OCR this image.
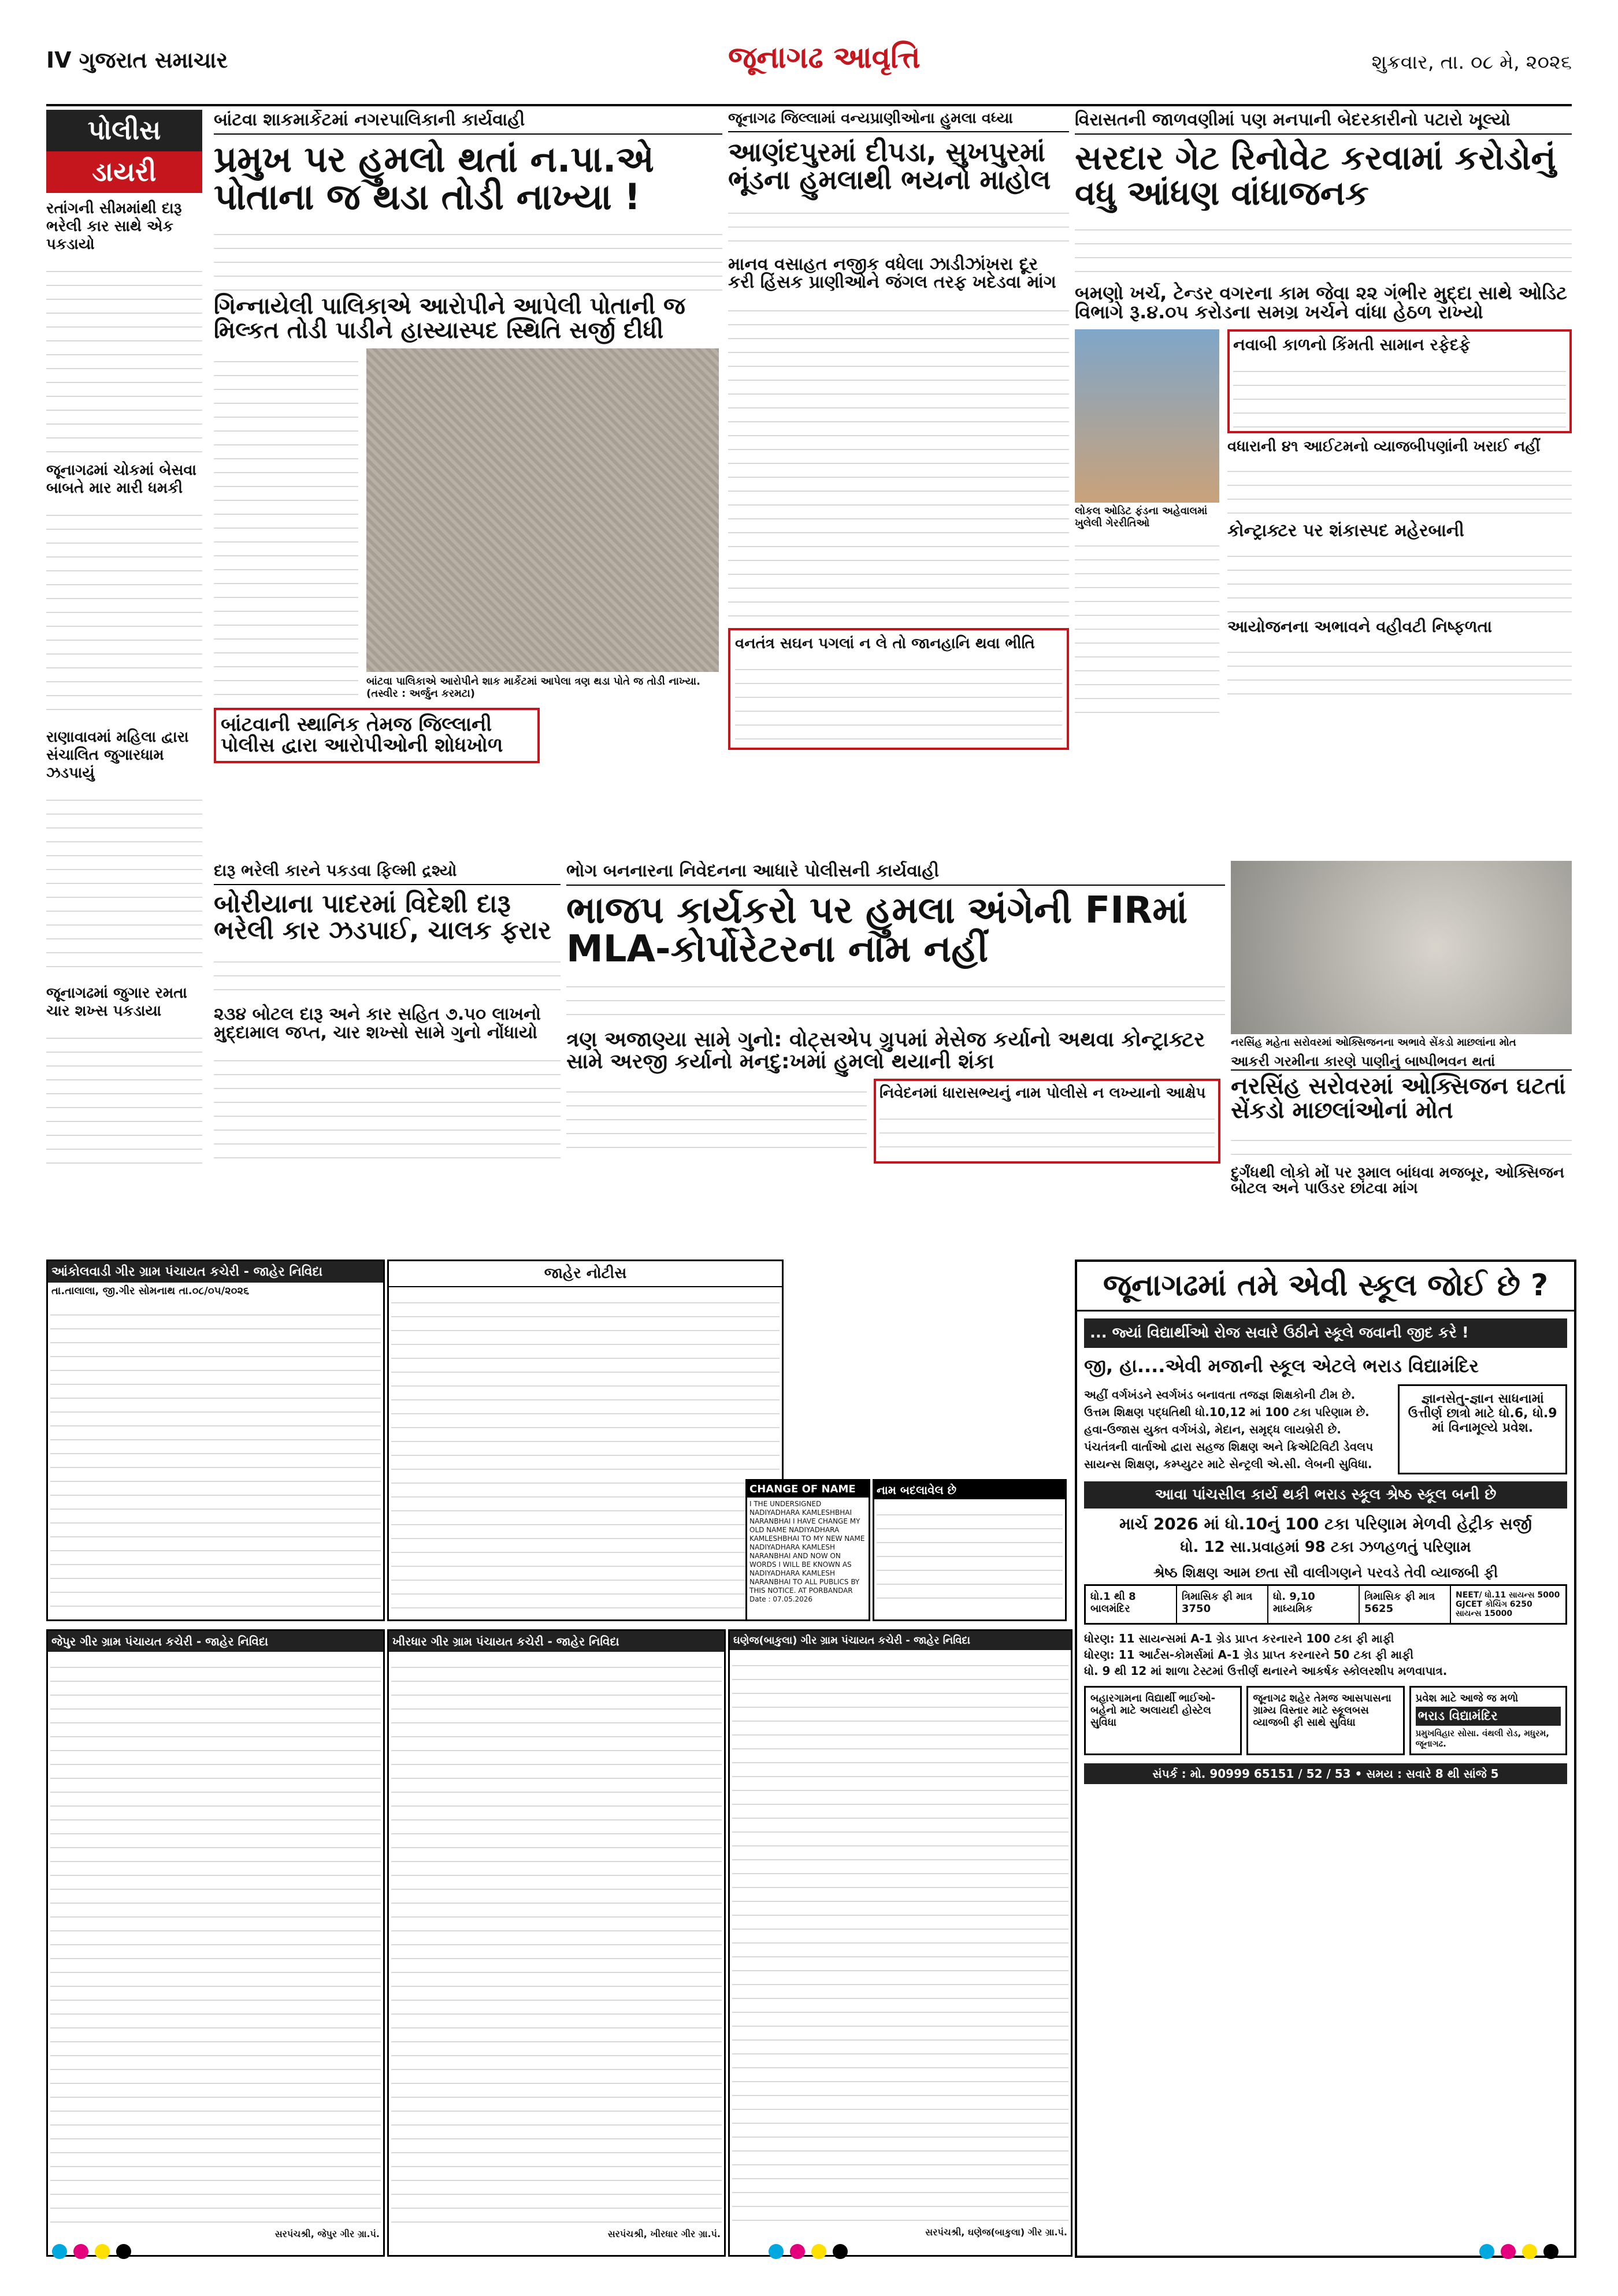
IV ગુજરાત સમાચાર	જૂનાગઢ આવૃત્તિ	શુક્રવાર, તા. ૦૮ મે, ૨૦૨૬
પોલીસ
ડાયરી
રતાંગની સીમમાંથી દારૂ ભરેલી કાર સાથે એક પકડાયો
જૂનાગઢમાં ચોકમાં બેસવા બાબતે માર મારી ધમકી
રાણાવાવમાં મહિલા દ્વારા સંચાલિત જુગારધામ ઝડપાયું
જૂનાગઢમાં જુગાર રમતા ચાર શખ્સ પકડાયા
બાંટવા શાકમાર્કેટમાં નગરપાલિકાની કાર્યવાહી
પ્રમુખ પર હુમલો થતાં ન.પા.એ પોતાના જ થડા તોડી નાખ્યા !
ગિન્નાયેલી પાલિકાએ આરોપીને આપેલી પોતાની જ મિલ્કત તોડી પાડીને હાસ્યાસ્પદ સ્થિતિ સર્જી દીધી
બાંટવા પાલિકાએ આરોપીને શાક માર્કેટમાં આપેલા ત્રણ થડા પોતે જ તોડી નાખ્યા. (તસ્વીર : અર્જુન કરમટા)
બાંટવાની સ્થાનિક તેમજ જિલ્લાની પોલીસ દ્વારા આરોપીઓની શોધખોળ
જૂનાગઢ જિલ્લામાં વન્યપ્રાણીઓના હુમલા વધ્યા
આણંદપુરમાં દીપડા, સુખપુરમાં ભૂંડના હુમલાથી ભયનો માહોલ
માનવ વસાહત નજીક વધેલા ઝાડીઝાંખરા દૂર કરી હિંસક પ્રાણીઓને જંગલ તરફ ખદેડવા માંગ
વનતંત્ર સઘન પગલાં ન લે તો જાનહાનિ થવા ભીતિ
વિરાસતની જાળવણીમાં પણ મનપાની બેદરકારીનો પટારો ખૂલ્યો
સરદાર ગેટ રિનોવેટ કરવામાં કરોડોનું વધુ આંધણ વાંધાજનક
બમણો ખર્ચ, ટેન્ડર વગરના કામ જેવા ૨૨ ગંભીર મુદ્દા સાથે ઓડિટ વિભાગે રૂ.૪.૦૫ કરોડના સમગ્ર ખર્ચને વાંધા હેઠળ રાખ્યો
લોકલ ઓડિટ ફંડના અહેવાલમાં ખુલેલી ગેરરીતિઓ
નવાબી કાળનો કિંમતી સામાન રફેદફે
વધારાની ૪૧ આઈટમનો વ્યાજબીપણાંની ખરાઈ નહીં
કોન્ટ્રાક્ટર પર શંકાસ્પદ મહેરબાની
આયોજનના અભાવને વહીવટી નિષ્ફળતા
દારૂ ભરેલી કારને પકડવા ફિલ્મી દ્રશ્યો
બોરીયાના પાદરમાં વિદેશી દારૂ ભરેલી કાર ઝડપાઈ, ચાલક ફરાર
૨૩૪ બોટલ દારૂ અને કાર સહિત ૭.૫૦ લાખનો મુદ્દામાલ જપ્ત, ચાર શખ્સો સામે ગુનો નોંધાયો
ભોગ બનનારના નિવેદનના આધારે પોલીસની કાર્યવાહી
ભાજપ કાર્યકરો પર હુમલા અંગેની FIRમાં MLA-કોર્પોરેટરના નામ નહીં
ત્રણ અજાણ્યા સામે ગુનો: વોટ્સએપ ગ્રુપમાં મેસેજ કર્યાનો અથવા કોન્ટ્રાક્ટર સામે અરજી કર્યાનો મનદુ:ખમાં હુમલો થયાની શંકા
નિવેદનમાં ધારાસભ્યનું નામ પોલીસે ન લખ્યાનો આક્ષેપ
નરસિંહ મહેતા સરોવરમાં ઓક્સિજનના અભાવે સેંકડો માછલાંના મોત
આકરી ગરમીના કારણે પાણીનું બાષ્પીભવન થતાં
નરસિંહ સરોવરમાં ઓક્સિજન ઘટતાં સેંકડો માછલાંઓનાં મોત
દુર્ગંધથી લોકો મોં પર રૂમાલ બાંધવા મજબૂર, ઓક્સિજન બોટલ અને પાઉડર છાંટવા માંગ
આંકોલવાડી ગીર ગ્રામ પંચાયત કચેરી - જાહેર નિવિદા
તા.તાલાલા, જી.ગીર સોમનાથ તા.૦૮/૦૫/૨૦૨૬
જાહેર નોટીસ
CHANGE OF NAME
I THE UNDERSIGNED NADIYADHARA KAMLESHBHAI NARANBHAI I HAVE CHANGE MY OLD NAME NADIYADHARA KAMLESHBHAI TO MY NEW NAME NADIYADHARA KAMLESH NARANBHAI AND NOW ON WORDS I WILL BE KNOWN AS NADIYADHARA KAMLESH NARANBHAI TO ALL PUBLICS BY THIS NOTICE. AT PORBANDAR Date : 07.05.2026
નામ બદલાવેલ છે
જૂનાગઢમાં તમે એવી સ્કૂલ જોઈ છે ?
... જ્યાં વિદ્યાર્થીઓ રોજ સવારે ઉઠીને સ્કૂલે જવાની જીદ કરે !
જી, હા....એવી મજાની સ્કૂલ એટલે ભરાડ વિદ્યામંદિર
અહીં વર્ગખંડને સ્વર્ગખંડ બનાવતા તજજ્ઞ શિક્ષકોની ટીમ છે.
ઉત્તમ શિક્ષણ પદ્ધતિથી ધો.10,12 માં 100 ટકા પરિણામ છે.
હવા-ઉજાસ યુક્ત વર્ગખંડો, મેદાન, સમૃદ્ધ લાયબ્રેરી છે.
પંચતંત્રની વાર્તાઓ દ્વારા સહજ શિક્ષણ અને ક્રિએટિવિટી ડેવલપ
સાયન્સ શિક્ષણ, કમ્પ્યુટર માટે સેન્ટ્રલી એ.સી. લેબની સુવિધા.
જ્ઞાનસેતુ-જ્ઞાન સાધનામાં ઉત્તીર્ણ છાત્રો માટે ધો.6, ધો.9 માં વિનામૂલ્યે પ્રવેશ.
આવા પાંચસીલ કાર્ય થકી ભરાડ સ્કૂલ શ્રેષ્ઠ સ્કૂલ બની છે
માર્ચ 2026 માં ધો.10નું 100 ટકા પરિણામ મેળવી હેટ્રીક સર્જી
ધો. 12 સા.પ્રવાહમાં 98 ટકા ઝળહળતું પરિણામ
શ્રેષ્ઠ શિક્ષણ આમ છતા સૌ વાલીગણને પરવડે તેવી વ્યાજબી ફી
ધો.1 થી 8 બાલમંદિર
ત્રિમાસિક ફી માત્ર 3750
ધો. 9,10 માધ્યમિક
ત્રિમાસિક ફી માત્ર 5625
NEET/ ધો.11 સાયન્સ 5000 GJCET કોચિંગ 6250 સાયન્સ 15000
ધોરણ: 11 સાયન્સમાં A-1 ગ્રેડ પ્રાપ્ત કરનારને 100 ટકા ફી માફી
ધોરણ: 11 આર્ટસ-કોમર્સમાં A-1 ગ્રેડ પ્રાપ્ત કરનારને 50 ટકા ફી માફી
ધો. 9 થી 12 માં શાળા ટેસ્ટમાં ઉત્તીર્ણ થનારને આકર્ષક સ્કોલરશીપ મળવાપાત્ર.
બહારગામના વિદ્યાર્થી ભાઈઓ-બહેનો માટે અલાયદી હોસ્ટેલ સુવિધા
જૂનાગઢ શહેર તેમજ આસપાસના ગ્રામ્ય વિસ્તાર માટે સ્કૂલબસ વ્યાજબી ફી સાથે સુવિધા
પ્રવેશ માટે આજે જ મળો
ભરાડ વિદ્યામંદિર
પ્રમુખવિહાર સોસા. વંથલી રોડ, મધુરમ, જૂનાગઢ.
સંપર્ક : મો. 90999 65151 / 52 / 53 • સમય : સવારે 8 થી સાંજે 5
જેપુર ગીર ગ્રામ પંચાયત કચેરી - જાહેર નિવિદા
સરપંચશ્રી, જેપુર ગીર ગ્રા.પં.
ખીરધાર ગીર ગ્રામ પંચાયત કચેરી - જાહેર નિવિદા
સરપંચશ્રી, ખીરધાર ગીર ગ્રા.પં.
ઘણેજ(બાકુલા) ગીર ગ્રામ પંચાયત કચેરી - જાહેર નિવિદા
સરપંચશ્રી, ઘણેજ(બાકુલા) ગીર ગ્રા.પં.
